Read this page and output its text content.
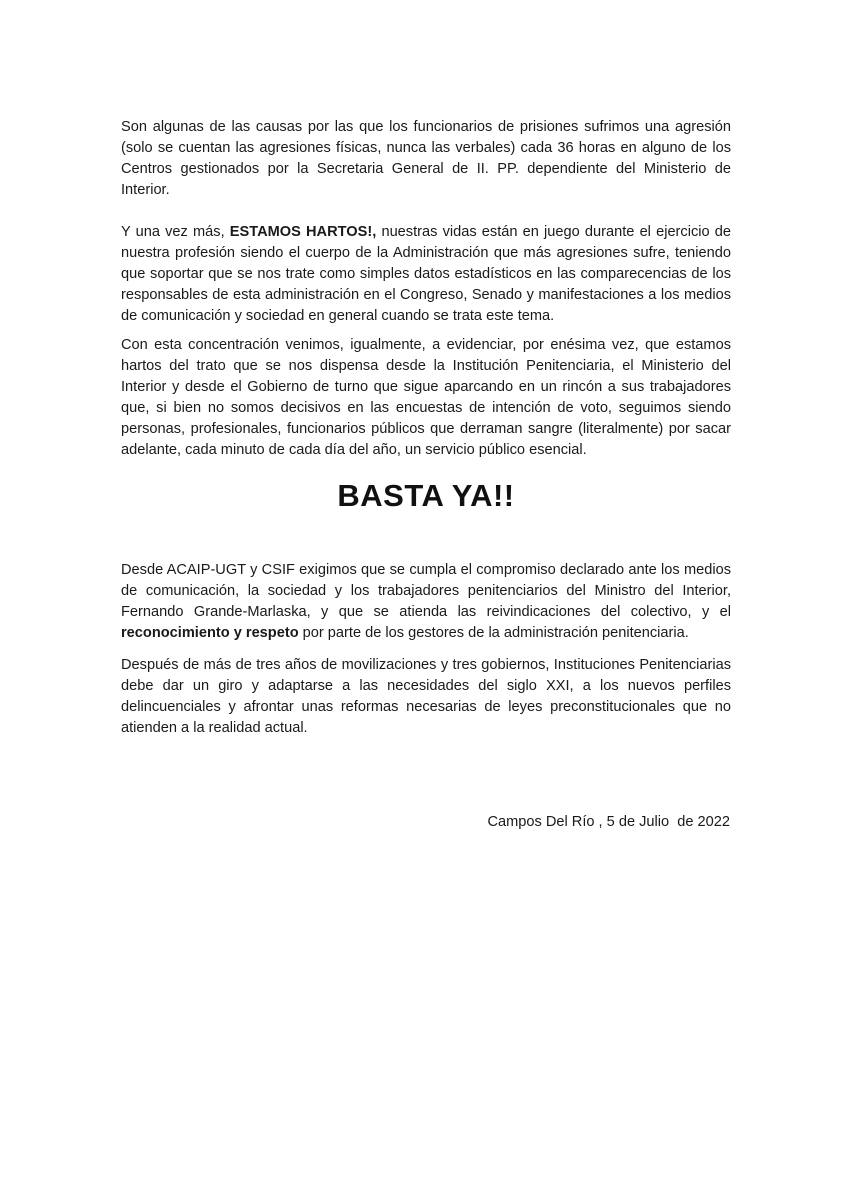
Son algunas de las causas por las que los funcionarios de prisiones sufrimos una agresión (solo se cuentan las agresiones físicas, nunca las verbales) cada 36 horas en alguno de los Centros gestionados por la Secretaria General de II. PP. dependiente del Ministerio de Interior.

Y una vez más, ESTAMOS HARTOS!, nuestras vidas están en juego durante el ejercicio de nuestra profesión siendo el cuerpo de la Administración que más agresiones sufre, teniendo que soportar que se nos trate como simples datos estadísticos en las comparecencias de los responsables de esta administración en el Congreso, Senado y manifestaciones a los medios de comunicación y sociedad en general cuando se trata este tema.

Con esta concentración venimos, igualmente, a evidenciar, por enésima vez, que estamos hartos del trato que se nos dispensa desde la Institución Penitenciaria, el Ministerio del Interior y desde el Gobierno de turno que sigue aparcando en un rincón a sus trabajadores que, si bien no somos decisivos en las encuestas de intención de voto, seguimos siendo personas, profesionales, funcionarios públicos que derraman sangre (literalmente) por sacar adelante, cada minuto de cada día del año, un servicio público esencial.

BASTA YA!!

Desde ACAIP-UGT y CSIF exigimos que se cumpla el compromiso declarado ante los medios de comunicación, la sociedad y los trabajadores penitenciarios del Ministro del Interior, Fernando Grande-Marlaska, y que se atienda las reivindicaciones del colectivo, y el reconocimiento y respeto por parte de los gestores de la administración penitenciaria.

Después de más de tres años de movilizaciones y tres gobiernos, Instituciones Penitenciarias debe dar un giro y adaptarse a las necesidades del siglo XXI, a los nuevos perfiles delincuenciales y afrontar unas reformas necesarias de leyes preconstitucionales que no atienden a la realidad actual.

Campos Del Río , 5 de Julio  de 2022
